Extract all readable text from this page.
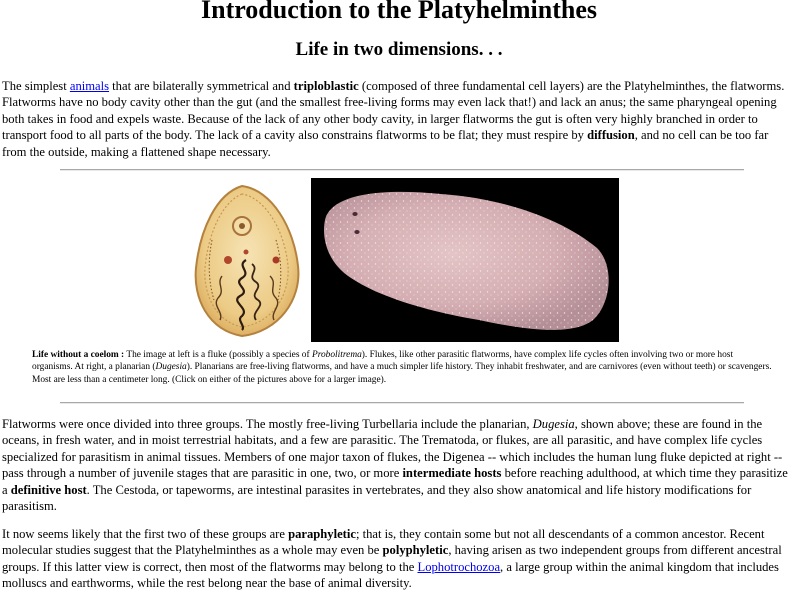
Introduction to the Platyhelminthes
Life in two dimensions. . .

The simplest animals that are bilaterally symmetrical and triploblastic (composed of three fundamental cell layers) are the Platyhelminthes, the flatworms. Flatworms have no body cavity other than the gut (and the smallest free-living forms may even lack that!) and lack an anus; the same pharyngeal opening both takes in food and expels waste. Because of the lack of any other body cavity, in larger flatworms the gut is often very highly branched in order to transport food to all parts of the body. The lack of a cavity also constrains flatworms to be flat; they must respire by diffusion, and no cell can be too far from the outside, making a flattened shape necessary.

Life without a coelom : The image at left is a fluke (possibly a species of Probolitrema). Flukes, like other parasitic flatworms, have complex life cycles often involving two or more host organisms. At right, a planarian (Dugesia). Planarians are free-living flatworms, and have a much simpler life history. They inhabit freshwater, and are carnivores (even without teeth) or scavengers. Most are less than a centimeter long. (Click on either of the pictures above for a larger image).

Flatworms were once divided into three groups. The mostly free-living Turbellaria include the planarian, Dugesia, shown above; these are found in the oceans, in fresh water, and in moist terrestrial habitats, and a few are parasitic. The Trematoda, or flukes, are all parasitic, and have complex life cycles specialized for parasitism in animal tissues. Members of one major taxon of flukes, the Digenea -- which includes the human lung fluke depicted at right -- pass through a number of juvenile stages that are parasitic in one, two, or more intermediate hosts before reaching adulthood, at which time they parasitize a definitive host. The Cestoda, or tapeworms, are intestinal parasites in vertebrates, and they also show anatomical and life history modifications for parasitism.

It now seems likely that the first two of these groups are paraphyletic; that is, they contain some but not all descendants of a common ancestor. Recent molecular studies suggest that the Platyhelminthes as a whole may even be polyphyletic, having arisen as two independent groups from different ancestral groups. If this latter view is correct, then most of the flatworms may belong to the Lophotrochozoa, a large group within the animal kingdom that includes molluscs and earthworms, while the rest belong near the base of animal diversity.
